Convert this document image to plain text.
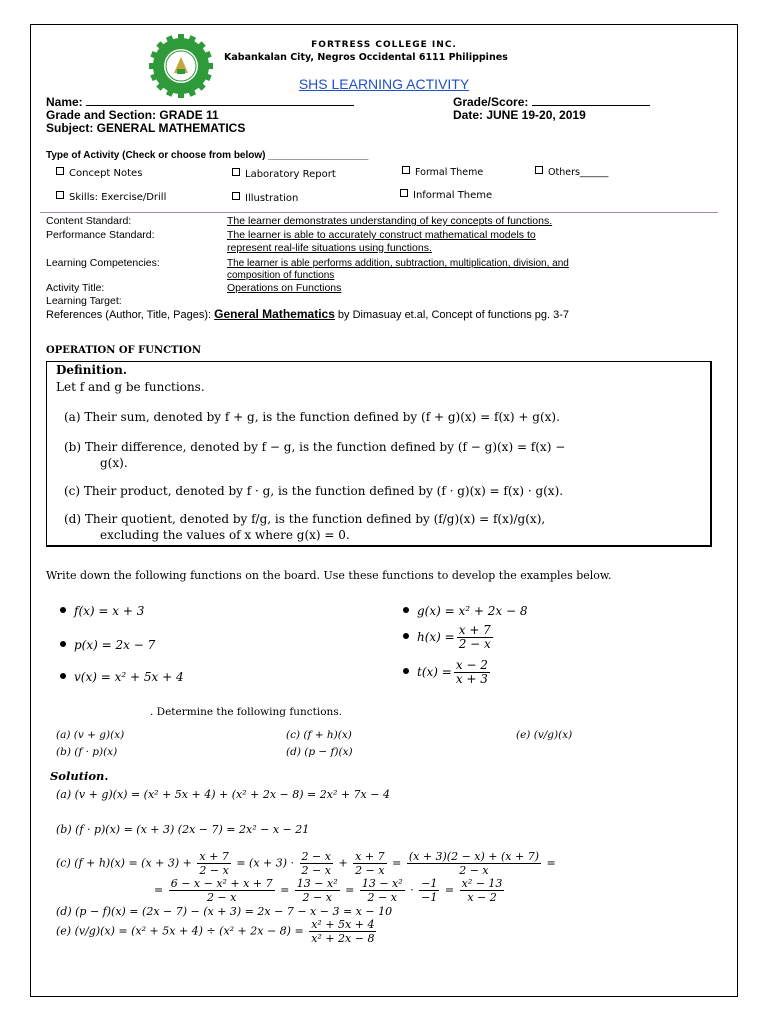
FORTRESS COLLEGE INC.
Kabankalan City, Negros Occidental 6111 Philippines
SHS LEARNING ACTIVITY
Name:	Grade/Score:
Grade and Section: GRADE 11	Date: JUNE 19-20, 2019
Subject: GENERAL MATHEMATICS
Type of Activity (Check or choose from below) __________________
Concept Notes	Laboratory Report	Formal Theme	Others______
Skills: Exercise/Drill	Illustration	Informal Theme
Content Standard:	The learner demonstrates understanding of key concepts of functions.
Performance Standard:	The learner is able to accurately construct mathematical models to
represent real-life situations using functions.
Learning Competencies:	The learner is able performs addition, subtraction, multiplication, division, and
composition of functions
Activity Title:	Operations on Functions
Learning Target:
References (Author, Title, Pages): General Mathematics by Dimasuay et.al, Concept of functions pg. 3-7
OPERATION OF FUNCTION
Definition.
Let f and g be functions.
(a) Their sum, denoted by f + g, is the function defined by (f + g)(x) = f(x) + g(x).
(b) Their difference, denoted by f − g, is the function defined by (f − g)(x) = f(x) −
g(x).
(c) Their product, denoted by f · g, is the function defined by (f · g)(x) = f(x) · g(x).
(d) Their quotient, denoted by f/g, is the function defined by (f/g)(x) = f(x)/g(x),
excluding the values of x where g(x) = 0.
Write down the following functions on the board. Use these functions to develop the examples below.
f(x) = x + 3
p(x) = 2x − 7
v(x) = x² + 5x + 4
g(x) = x² + 2x − 8
$h(x) = \frac{x + 7}{2 - x}$
$t(x) = \frac{x - 2}{x + 3}$
. Determine the following functions.
(a) (v + g)(x)
(b) (f · p)(x)
(c) (f + h)(x)
(d) (p − f)(x)
(e) (v/g)(x)
Solution.
(a) (v + g)(x) = (x² + 5x + 4) + (x² + 2x − 8) = 2x² + 7x − 4
(b) (f · p)(x) = (x + 3) (2x − 7) = 2x² − x − 21
(c) $(f + h)(x) = (x + 3) + \frac{x + 7}{2 - x} = (x + 3) \cdot \frac{2 - x}{2 - x} + \frac{x + 7}{2 - x} = \frac{(x + 3)(2 - x) + (x + 7)}{2 - x}$ =
= $\frac{\text{6 − x − x² + x + 7}}{2 - x} = \frac{\text{13 − x²}}{2 - x} = \frac{\text{13 − x²}}{2 - x} \cdot \frac{-1}{-1} = \frac{\text{x² − 13}}{x - 2}$
(d) (p − f)(x) = (2x − 7) − (x + 3) = 2x − 7 − x − 3 = x − 10
(e) $(v/g)(x) = (x^2 + 5x + 4) \div (x^2 + 2x - 8) = \frac{\text{x² + 5x + 4}}{\text{x² + 2x − 8}}$
